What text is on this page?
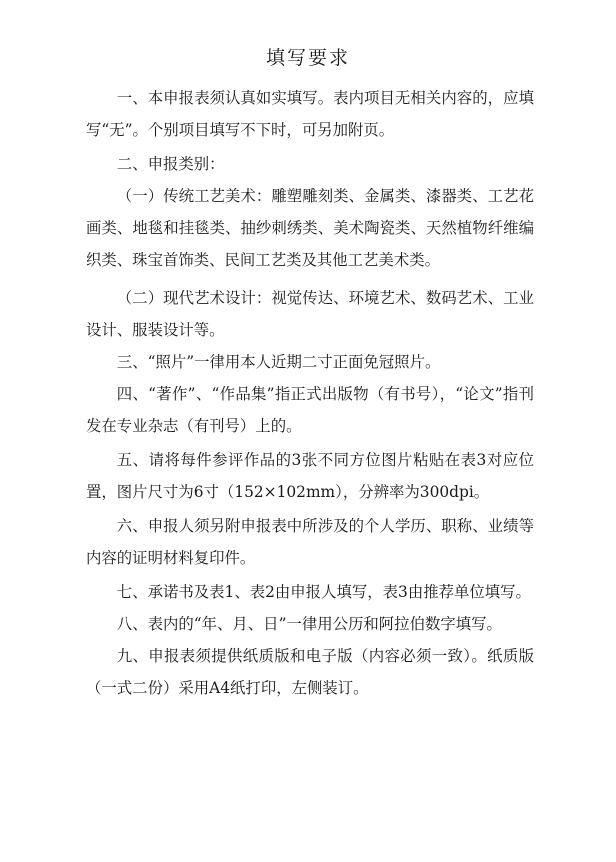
填写要求

一、本申报表须认真如实填写。表内项目无相关内容的，应填写“无”。个别项目填写不下时，可另加附页。

二、申报类别：

（一）传统工艺美术：雕塑雕刻类、金属类、漆器类、工艺花画类、地毯和挂毯类、抽纱刺绣类、美术陶瓷类、天然植物纤维编织类、珠宝首饰类、民间工艺类及其他工艺美术类。

（二）现代艺术设计：视觉传达、环境艺术、数码艺术、工业设计、服装设计等。

三、“照片”一律用本人近期二寸正面免冠照片。

四、“著作”、“作品集”指正式出版物（有书号），“论文”指刊发在专业杂志（有刊号）上的。

五、请将每件参评作品的3张不同方位图片粘贴在表3对应位置，图片尺寸为6寸（152×102mm），分辨率为300dpi。

六、申报人须另附申报表中所涉及的个人学历、职称、业绩等内容的证明材料复印件。

七、承诺书及表1、表2由申报人填写，表3由推荐单位填写。

八、表内的“年、月、日”一律用公历和阿拉伯数字填写。

九、申报表须提供纸质版和电子版（内容必须一致）。纸质版（一式二份）采用A4纸打印，左侧装订。
